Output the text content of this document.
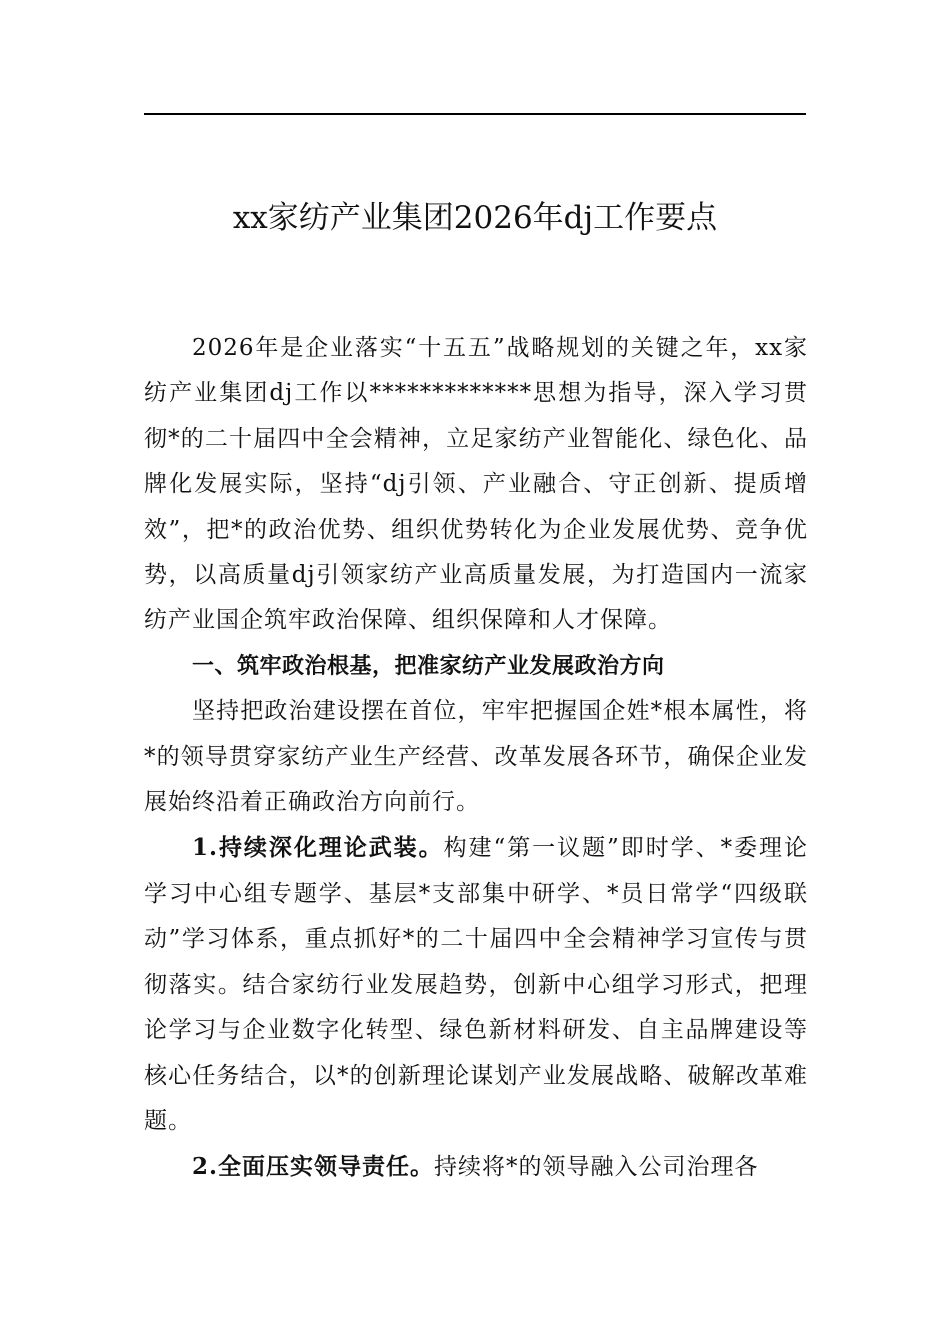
xx家纺产业集团2026年dj工作要点

2026年是企业落实“十五五”战略规划的关键之年，xx家纺产业集团dj工作以*************思想为指导，深入学习贯彻*的二十届四中全会精神，立足家纺产业智能化、绿色化、品牌化发展实际，坚持“dj引领、产业融合、守正创新、提质增效”，把*的政治优势、组织优势转化为企业发展优势、竞争优势，以高质量dj引领家纺产业高质量发展，为打造国内一流家纺产业国企筑牢政治保障、组织保障和人才保障。

一、筑牢政治根基，把准家纺产业发展政治方向

坚持把政治建设摆在首位，牢牢把握国企姓*根本属性，将*的领导贯穿家纺产业生产经营、改革发展各环节，确保企业发展始终沿着正确政治方向前行。

1.持续深化理论武装。构建“第一议题”即时学、*委理论学习中心组专题学、基层*支部集中研学、*员日常学“四级联动”学习体系，重点抓好*的二十届四中全会精神学习宣传与贯彻落实。结合家纺行业发展趋势，创新中心组学习形式，把理论学习与企业数字化转型、绿色新材料研发、自主品牌建设等核心任务结合，以*的创新理论谋划产业发展战略、破解改革难题。

2.全面压实领导责任。持续将*的领导融入公司治理各
